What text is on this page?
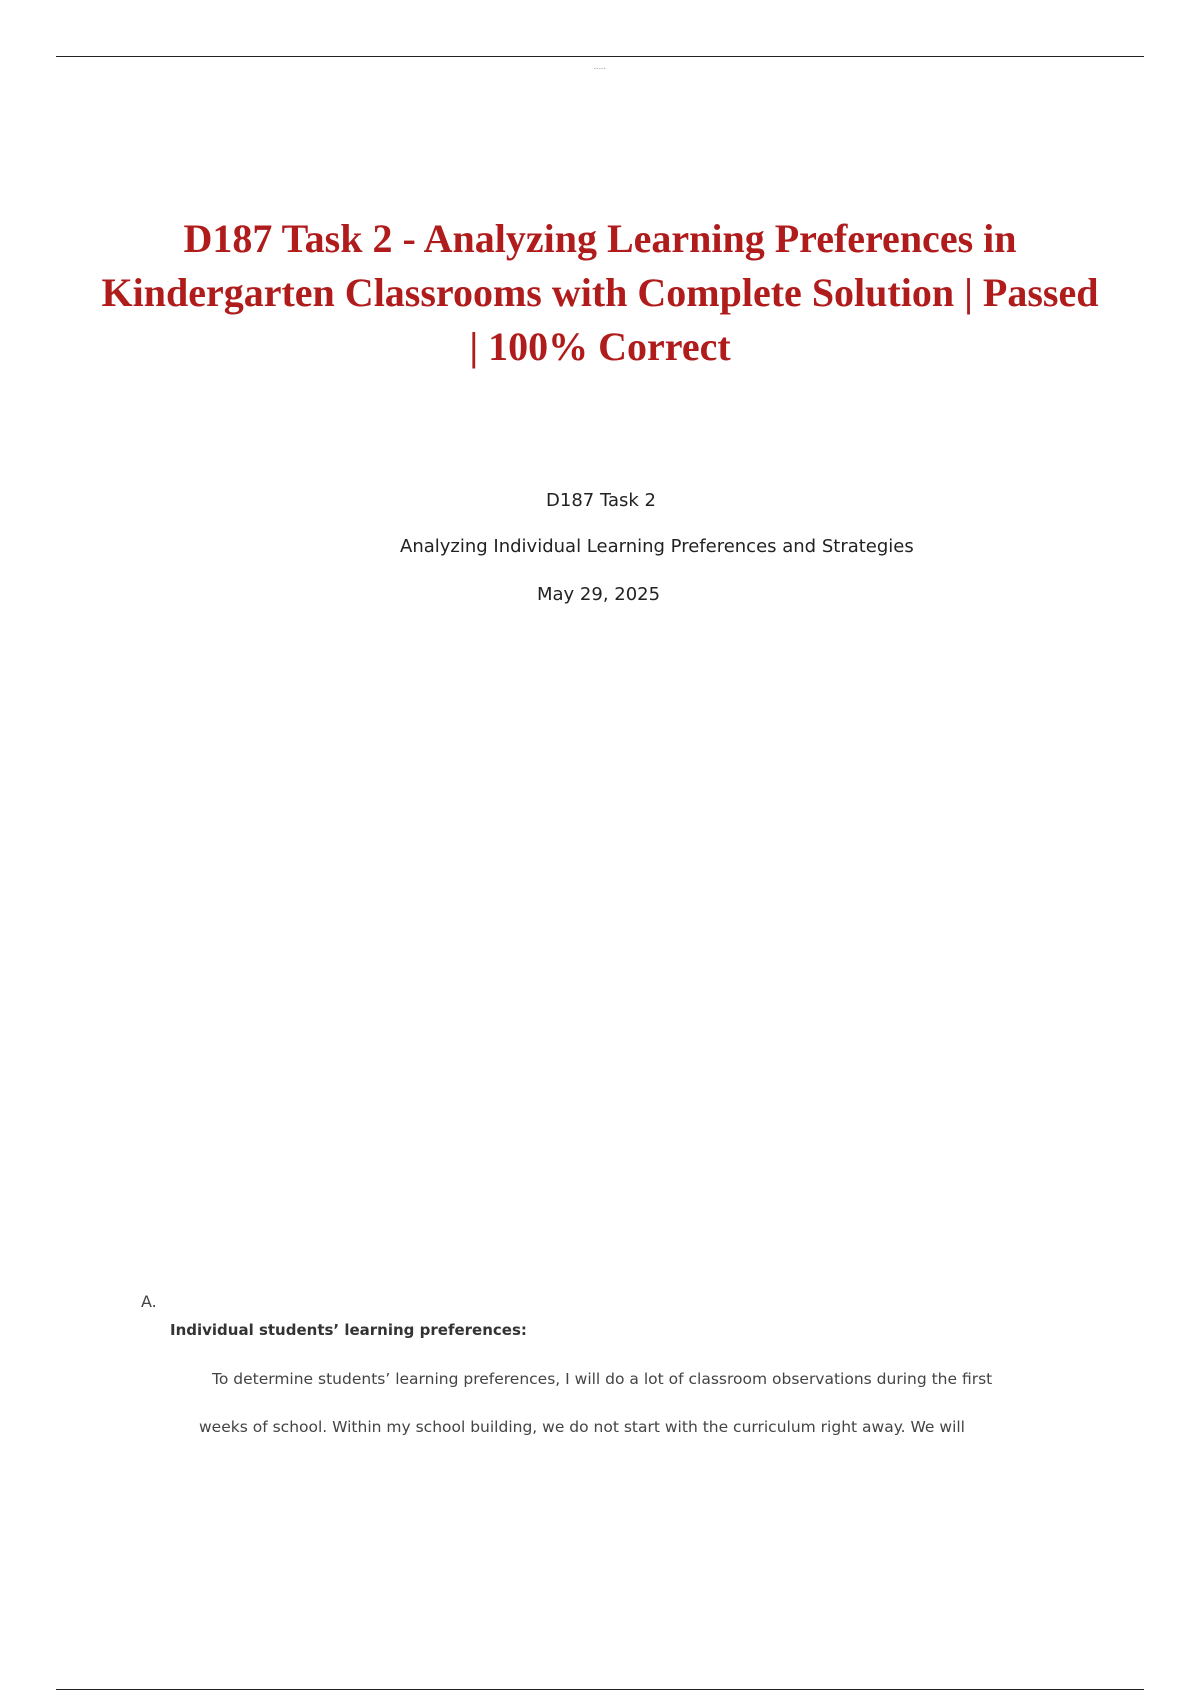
-----
D187 Task 2 - Analyzing Learning Preferences in Kindergarten Classrooms with Complete Solution | Passed | 100% Correct

D187 Task 2

Analyzing Individual Learning Preferences and Strategies

May 29, 2025

A.

Individual students’ learning preferences:

To determine students’ learning preferences, I will do a lot of classroom observations during the first

weeks of school. Within my school building, we do not start with the curriculum right away. We will
